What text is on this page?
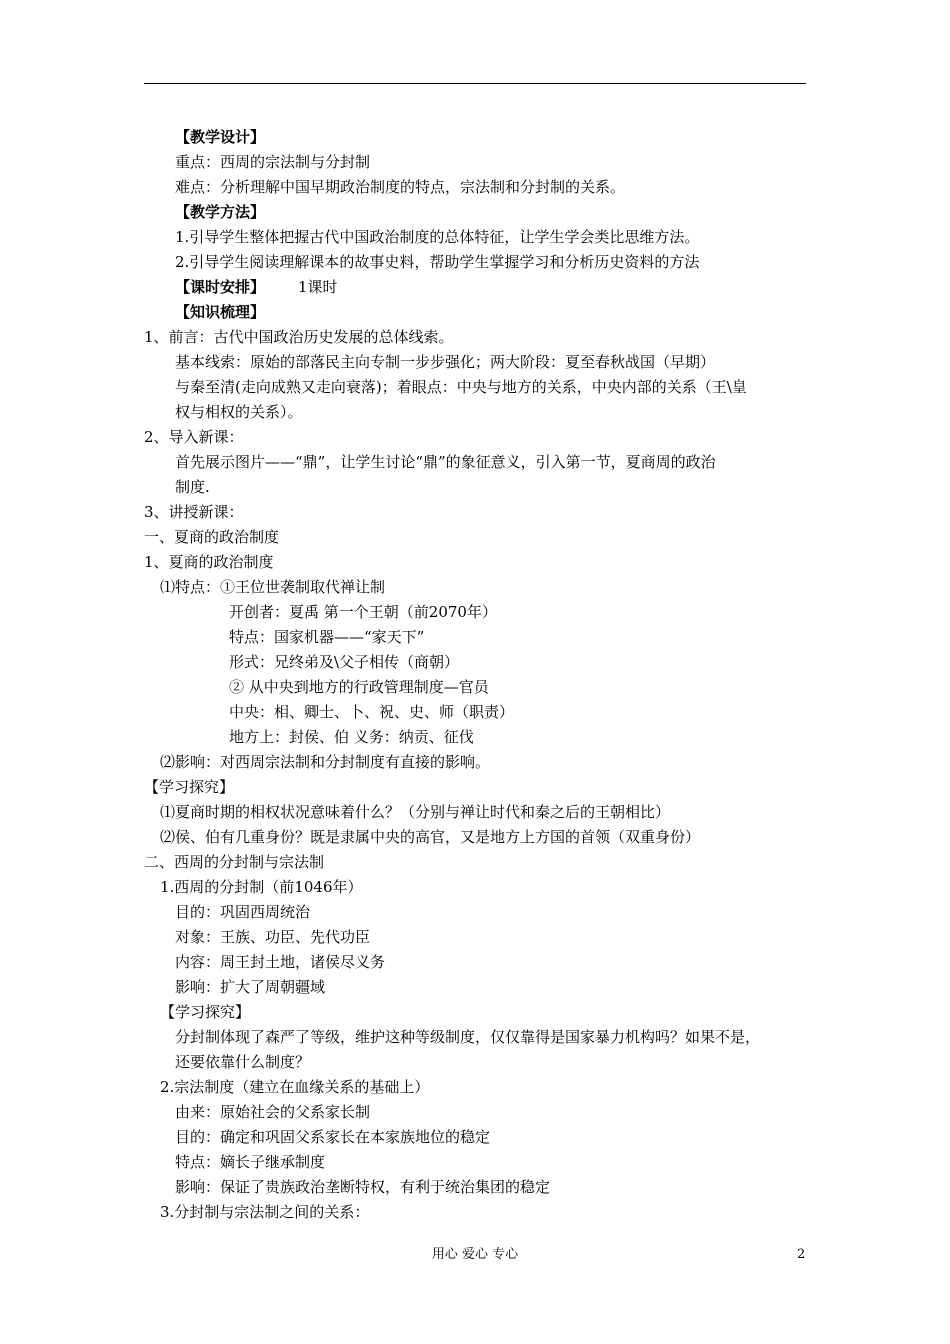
【教学设计】
重点：西周的宗法制与分封制
难点：分析理解中国早期政治制度的特点，宗法制和分封制的关系。
【教学方法】
1.引导学生整体把握古代中国政治制度的总体特征，让学生学会类比思维方法。
2.引导学生阅读理解课本的故事史料，帮助学生掌握学习和分析历史资料的方法
【课时安排】 1课时
【知识梳理】
1、前言：古代中国政治历史发展的总体线索。
基本线索：原始的部落民主向专制一步步强化；两大阶段：夏至春秋战国（早期）
与秦至清(走向成熟又走向衰落)；着眼点：中央与地方的关系，中央内部的关系（王\皇
权与相权的关系）。
2、导入新课：
首先展示图片——“鼎”，让学生讨论“鼎”的象征意义，引入第一节，夏商周的政治
制度.
3、讲授新课：
一、夏商的政治制度
1、夏商的政治制度
⑴特点：①王位世袭制取代禅让制
开创者：夏禹 第一个王朝（前2070年）
特点：国家机器——“家天下”
形式：兄终弟及\父子相传（商朝）
② 从中央到地方的行政管理制度—官员
中央：相、卿士、卜、祝、史、师（职责）
地方上：封侯、伯 义务：纳贡、征伐
⑵影响：对西周宗法制和分封制度有直接的影响。
【学习探究】
⑴夏商时期的相权状况意味着什么？（分别与禅让时代和秦之后的王朝相比）
⑵侯、伯有几重身份？既是隶属中央的高官，又是地方上方国的首领（双重身份）
二、西周的分封制与宗法制
1.西周的分封制（前1046年）
目的：巩固西周统治
对象：王族、功臣、先代功臣
内容：周王封土地，诸侯尽义务
影响：扩大了周朝疆域
【学习探究】
分封制体现了森严了等级，维护这种等级制度，仅仅靠得是国家暴力机构吗？如果不是，
还要依靠什么制度？
2.宗法制度（建立在血缘关系的基础上）
由来：原始社会的父系家长制
目的：确定和巩固父系家长在本家族地位的稳定
特点：嫡长子继承制度
影响：保证了贵族政治垄断特权，有利于统治集团的稳定
3.分封制与宗法制之间的关系：
用心 爱心 专心	2
